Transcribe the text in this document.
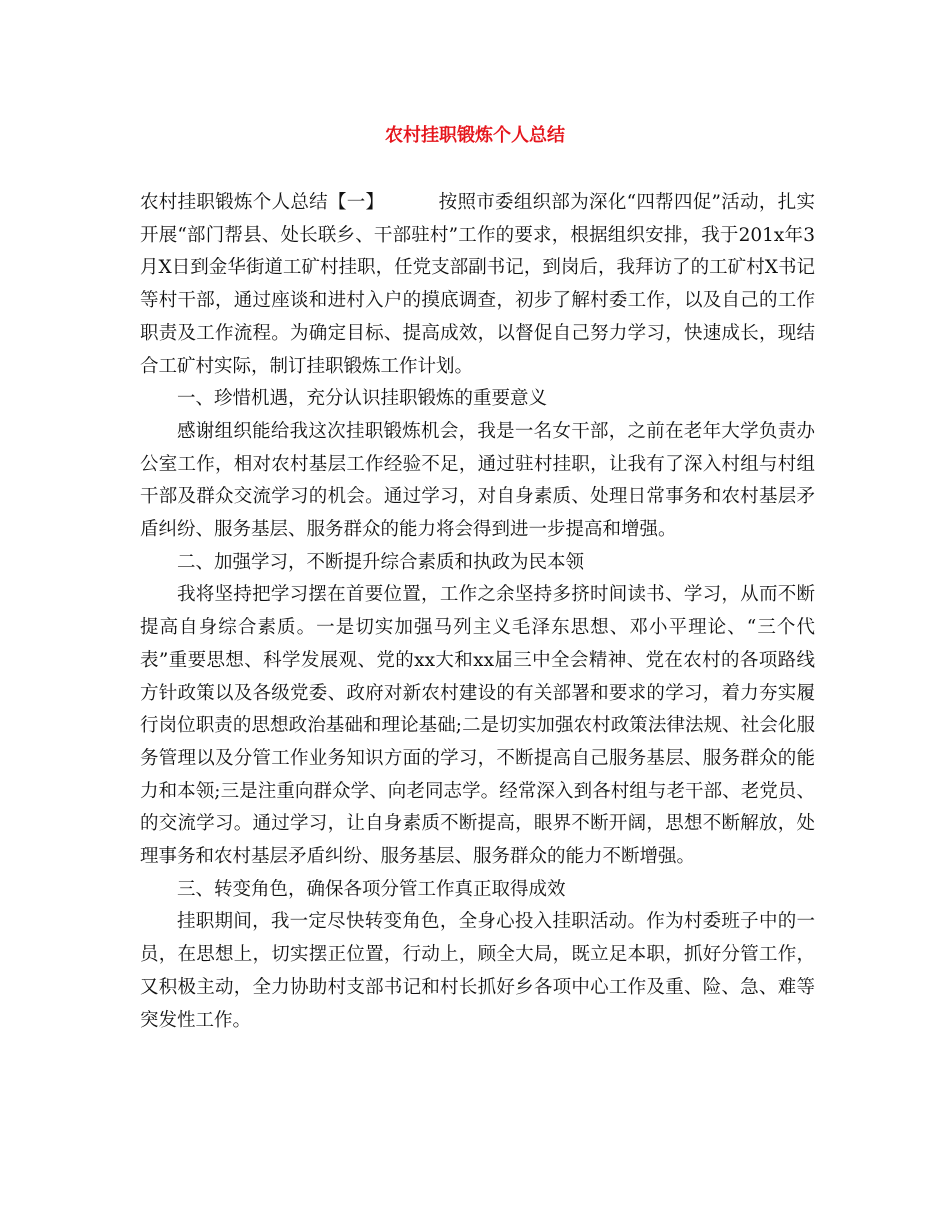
农村挂职锻炼个人总结

农村挂职锻炼个人总结【一】	按照市委组织部为深化“四帮四促”活动，扎实开展“部门帮县、处长联乡、干部驻村”工作的要求，根据组织安排，我于201x年3月X日到金华街道工矿村挂职，任党支部副书记，到岗后，我拜访了的工矿村X书记等村干部，通过座谈和进村入户的摸底调查，初步了解村委工作，以及自己的工作职责及工作流程。为确定目标、提高成效，以督促自己努力学习，快速成长，现结合工矿村实际，制订挂职锻炼工作计划。

一、珍惜机遇，充分认识挂职锻炼的重要意义

感谢组织能给我这次挂职锻炼机会，我是一名女干部，之前在老年大学负责办公室工作，相对农村基层工作经验不足，通过驻村挂职，让我有了深入村组与村组干部及群众交流学习的机会。通过学习，对自身素质、处理日常事务和农村基层矛盾纠纷、服务基层、服务群众的能力将会得到进一步提高和增强。

二、加强学习，不断提升综合素质和执政为民本领

我将坚持把学习摆在首要位置，工作之余坚持多挤时间读书、学习，从而不断提高自身综合素质。一是切实加强马列主义毛泽东思想、邓小平理论、“三个代表”重要思想、科学发展观、党的xx大和xx届三中全会精神、党在农村的各项路线方针政策以及各级党委、政府对新农村建设的有关部署和要求的学习，着力夯实履行岗位职责的思想政治基础和理论基础;二是切实加强农村政策法律法规、社会化服务管理以及分管工作业务知识方面的学习，不断提高自己服务基层、服务群众的能力和本领;三是注重向群众学、向老同志学。经常深入到各村组与老干部、老党员、的交流学习。通过学习，让自身素质不断提高，眼界不断开阔，思想不断解放，处理事务和农村基层矛盾纠纷、服务基层、服务群众的能力不断增强。

三、转变角色，确保各项分管工作真正取得成效

挂职期间，我一定尽快转变角色，全身心投入挂职活动。作为村委班子中的一员，在思想上，切实摆正位置，行动上，顾全大局，既立足本职，抓好分管工作，又积极主动，全力协助村支部书记和村长抓好乡各项中心工作及重、险、急、难等突发性工作。
